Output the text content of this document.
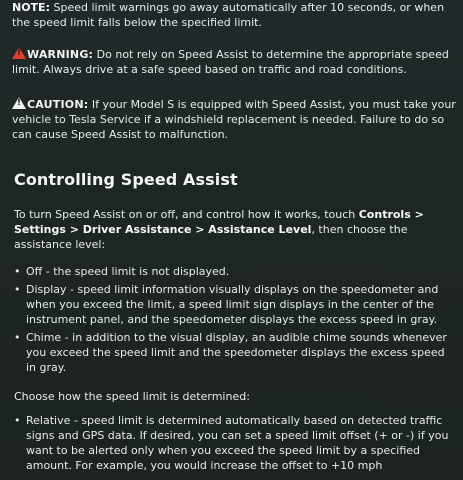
NOTE: Speed limit warnings go away automatically after 10 seconds, or when the speed limit falls below the specified limit.
!WARNING: Do not rely on Speed Assist to determine the appropriate speed limit. Always drive at a safe speed based on traffic and road conditions.
!CAUTION: If your Model S is equipped with Speed Assist, you must take your vehicle to Tesla Service if a windshield replacement is needed. Failure to do so can cause Speed Assist to malfunction.
Controlling Speed Assist
To turn Speed Assist on or off, and control how it works, touch Controls > Settings > Driver Assistance > Assistance Level, then choose the assistance level:
• Off - the speed limit is not displayed.
• Display - speed limit information visually displays on the speedometer and when you exceed the limit, a speed limit sign displays in the center of the instrument panel, and the speedometer displays the excess speed in gray.
• Chime - in addition to the visual display, an audible chime sounds whenever you exceed the speed limit and the speedometer displays the excess speed in gray.
Choose how the speed limit is determined:
• Relative - speed limit is determined automatically based on detected traffic signs and GPS data. If desired, you can set a speed limit offset (+ or -) if you want to be alerted only when you exceed the speed limit by a specified amount. For example, you would increase the offset to +10 mph
